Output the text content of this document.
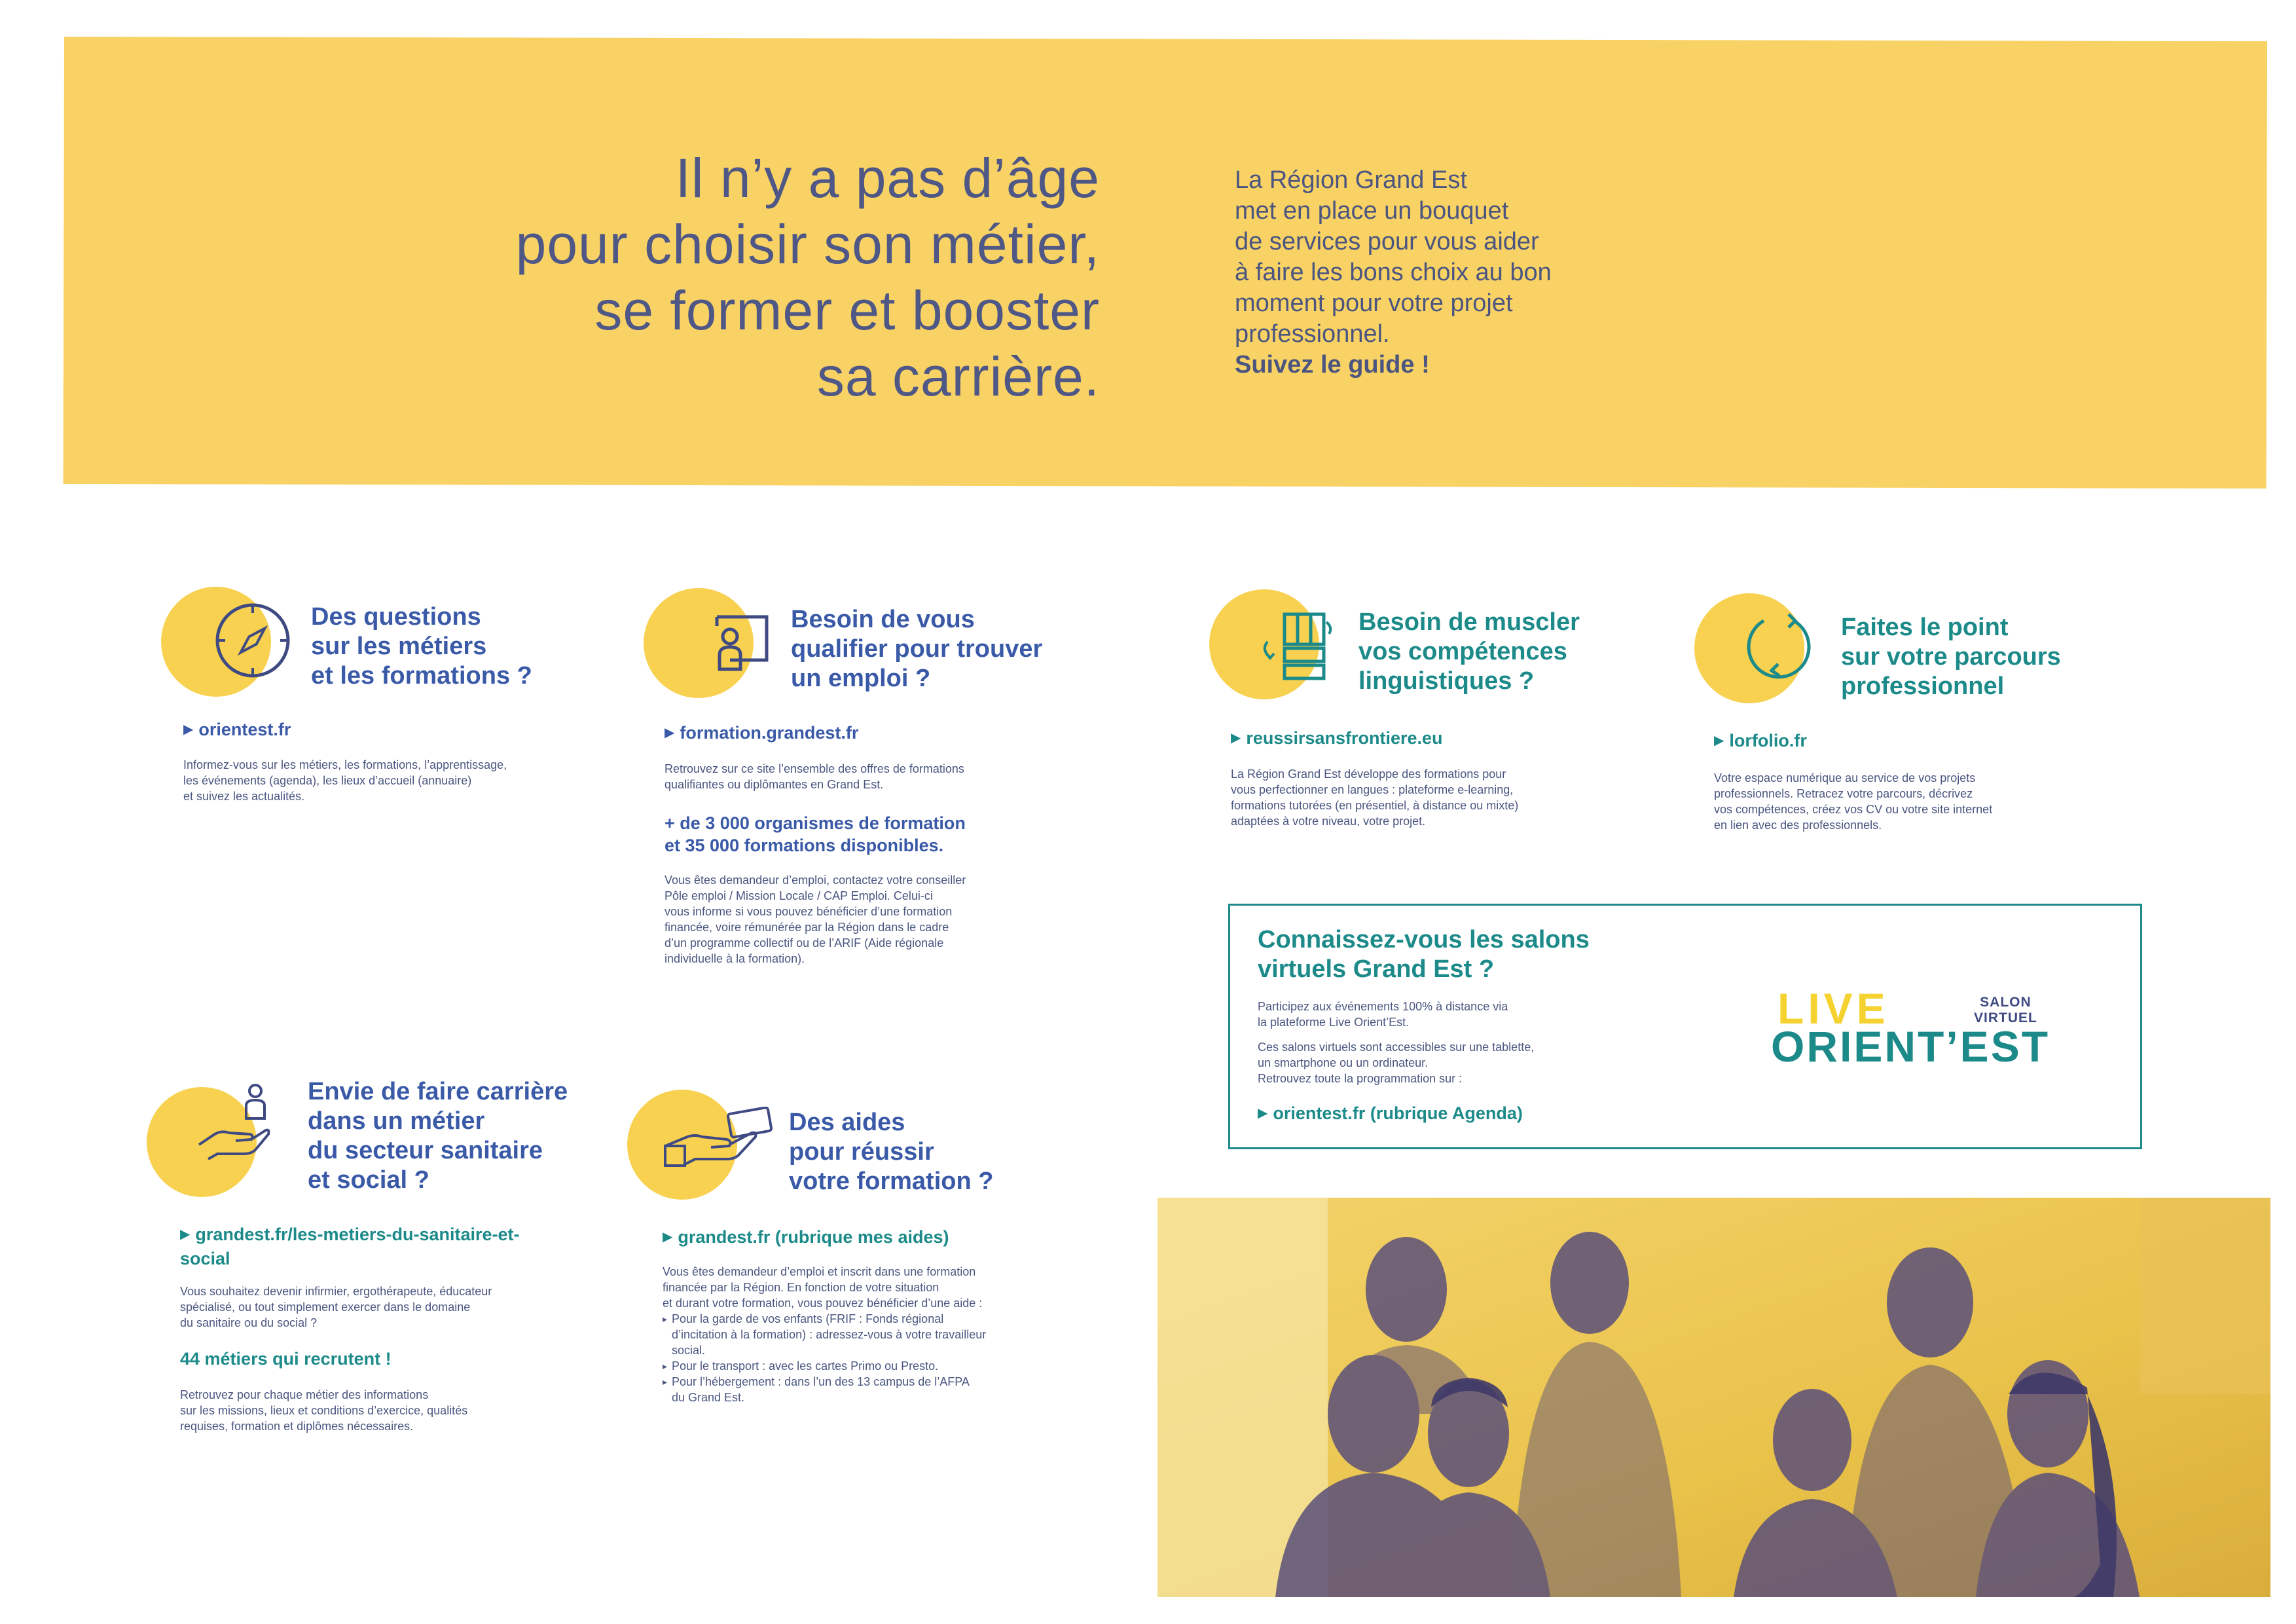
Il n’y a pas d’âge
pour choisir son métier,
se former et booster
sa carrière.

La Région Grand Est

met en place un bouquet

de services pour vous aider

à faire les bons choix au bon

moment pour votre projet

professionnel.

Suivez le guide !

Des questions
sur les métiers
et les formations ?
▶ orientest.fr

Informez-vous sur les métiers, les formations, l’apprentissage,
les événements (agenda), les lieux d’accueil (annuaire)
et suivez les actualités.

Besoin de vous
qualifier pour trouver
un emploi ?
▶ formation.grandest.fr

Retrouvez sur ce site l’ensemble des offres de formations
qualifiantes ou diplômantes en Grand Est.

+ de 3 000 organismes de formation
et 35 000 formations disponibles.

Vous êtes demandeur d’emploi, contactez votre conseiller
Pôle emploi / Mission Locale / CAP Emploi. Celui-ci
vous informe si vous pouvez bénéficier d’une formation
financée, voire rémunérée par la Région dans le cadre
d’un programme collectif ou de l’ARIF (Aide régionale
individuelle à la formation).

Besoin de muscler
vos compétences
linguistiques ?
▶ reussirsansfrontiere.eu

La Région Grand Est développe des formations pour
vous perfectionner en langues : plateforme e-learning,
formations tutorées (en présentiel, à distance ou mixte)
adaptées à votre niveau, votre projet.

Faites le point
sur votre parcours
professionnel
▶ lorfolio.fr

Votre espace numérique au service de vos projets
professionnels. Retracez votre parcours, décrivez
vos compétences, créez vos CV ou votre site internet
en lien avec des professionnels.

Connaissez-vous les salons
virtuels Grand Est ?

Participez aux événements 100% à distance via
la plateforme Live Orient’Est.

Ces salons virtuels sont accessibles sur une tablette,
un smartphone ou un ordinateur.
Retrouvez toute la programmation sur :

▶ orientest.fr (rubrique Agenda)
LIVE	SALON
VIRTUEL
ORIENT’EST
Envie de faire carrière
dans un métier
du secteur sanitaire
et social ?
▶ grandest.fr/les-metiers-du-sanitaire-et-
social

Vous souhaitez devenir infirmier, ergothérapeute, éducateur
spécialisé, ou tout simplement exercer dans le domaine
du sanitaire ou du social ?

44 métiers qui recrutent !

Retrouvez pour chaque métier des informations
sur les missions, lieux et conditions d’exercice, qualités
requises, formation et diplômes nécessaires.

Des aides
pour réussir
votre formation ?
▶ grandest.fr (rubrique mes aides)

Vous êtes demandeur d’emploi et inscrit dans une formation
financée par la Région. En fonction de votre situation
et durant votre formation, vous pouvez bénéficier d’une aide :

▸ Pour la garde de vos enfants (FRIF : Fonds régional
d’incitation à la formation) : adressez-vous à votre travailleur
social.
▸ Pour le transport : avec les cartes Primo ou Presto.
▸ Pour l’hébergement : dans l’un des 13 campus de l’AFPA
du Grand Est.
